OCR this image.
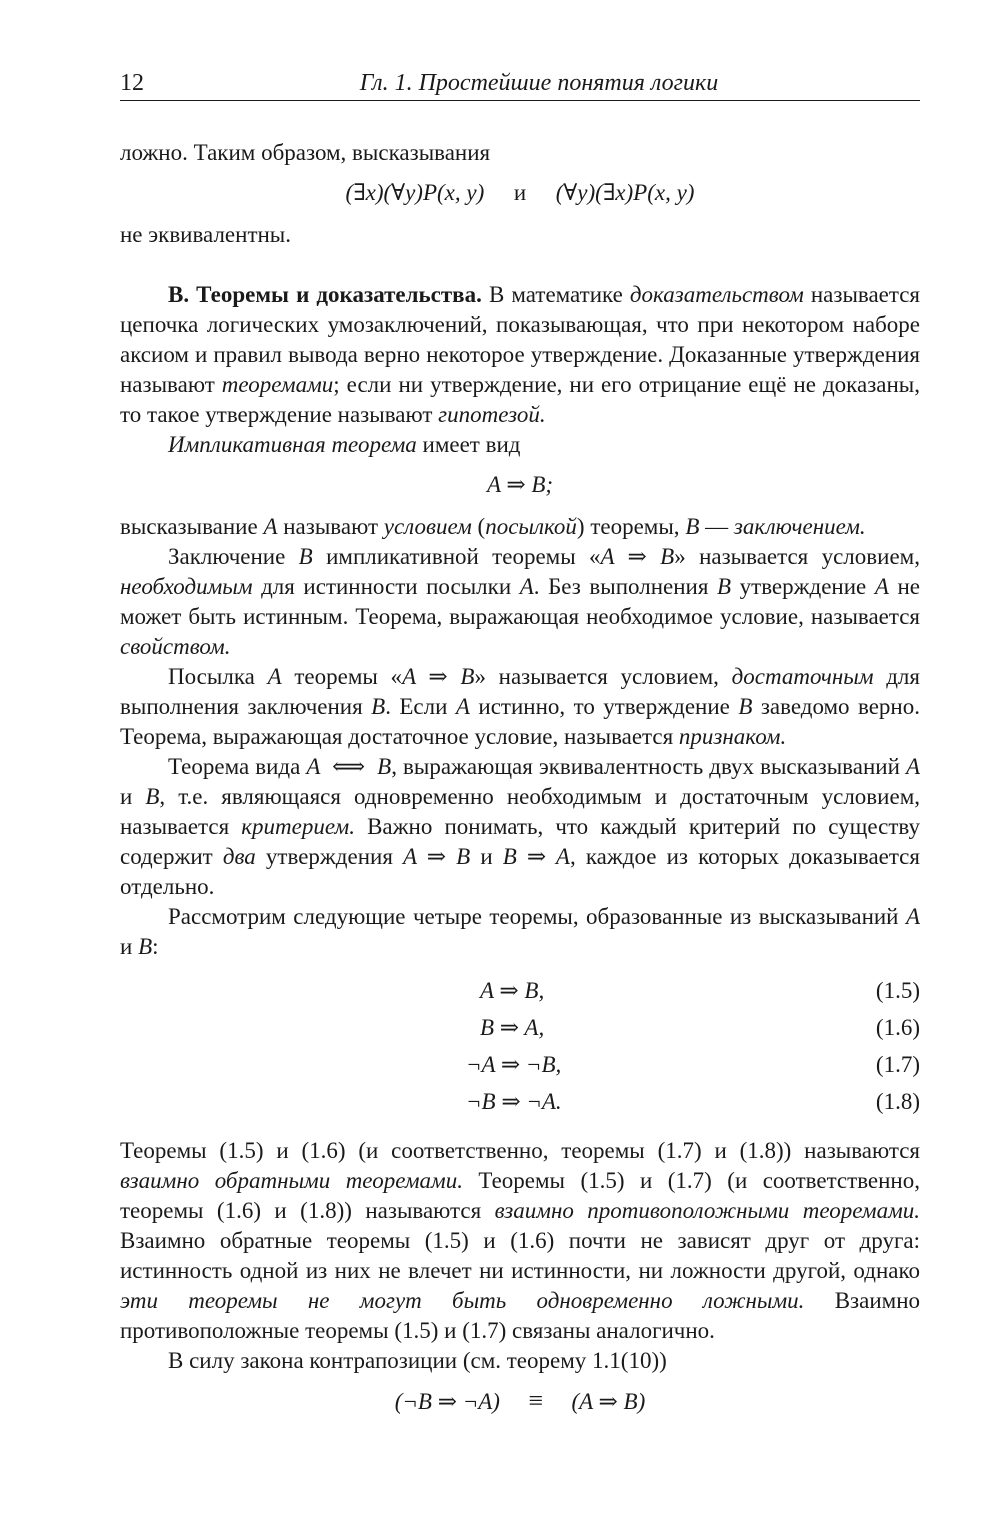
12	Гл. 1. Простейшие понятия логики

ложно. Таким образом, высказывания

(∃x)(∀y)P(x, y) и (∀y)(∃x)P(x, y)

не эквивалентны.

B. Теоремы и доказательства. В математике доказательством называется цепочка логических умозаключений, показывающая, что при некотором наборе аксиом и правил вывода верно некоторое утверждение. Доказанные утверждения называют теоремами; если ни утверждение, ни его отрицание ещё не доказаны, то такое утверждение называют гипотезой.

Импликативная теорема имеет вид

A ⇒ B;

высказывание A называют условием (посылкой) теоремы, B — заключением.

Заключение B импликативной теоремы «A ⇒ B» называется условием, необходимым для истинности посылки A. Без выполнения B утверждение A не может быть истинным. Теорема, выражающая необходимое условие, называется свойством.

Посылка A теоремы «A ⇒ B» называется условием, достаточным для выполнения заключения B. Если A истинно, то утверждение B заведомо верно. Теорема, выражающая достаточное условие, называется признаком.

Теорема вида A  ⟺  B, выражающая эквивалентность двух высказываний A и B, т.е. являющаяся одновременно необходимым и достаточным условием, называется критерием. Важно понимать, что каждый критерий по существу содержит два утверждения A ⇒ B и B ⇒ A, каждое из которых доказывается отдельно.

Рассмотрим следующие четыре теоремы, образованные из высказываний A и B:

A ⇒ B,	(1.5)
B ⇒ A,	(1.6)
¬A ⇒ ¬B,	(1.7)
¬B ⇒ ¬A.	(1.8)

Теоремы (1.5) и (1.6) (и соответственно, теоремы (1.7) и (1.8)) называются взаимно обратными теоремами. Теоремы (1.5) и (1.7) (и соответственно, теоремы (1.6) и (1.8)) называются взаимно противоположными теоремами. Взаимно обратные теоремы (1.5) и (1.6) почти не зависят друг от друга: истинность одной из них не влечет ни истинности, ни ложности другой, однако эти теоремы не могут быть одновременно ложными. Взаимно противоположные теоремы (1.5) и (1.7) связаны аналогично.

В силу закона контрапозиции (см. теорему 1.1(10))

(¬B ⇒ ¬A) ≡ (A ⇒ B)
